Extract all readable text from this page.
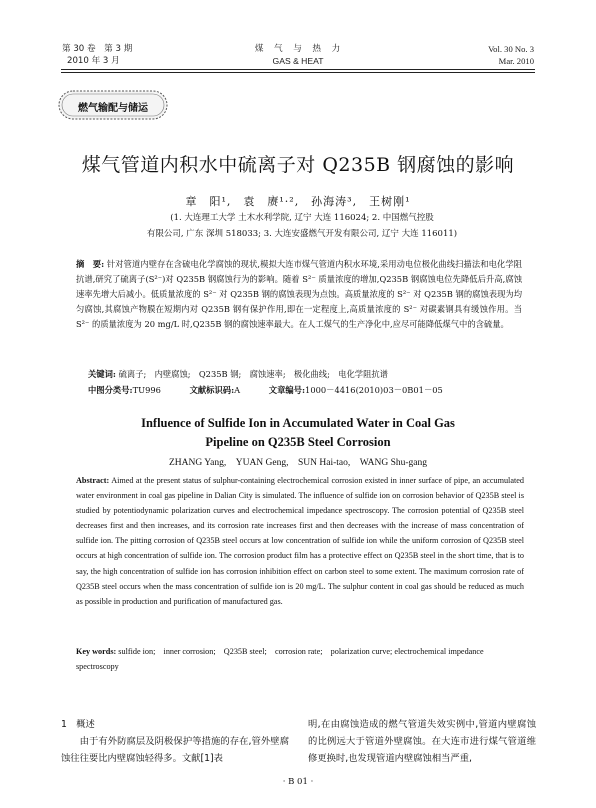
第 30 卷　第 3 期
2010 年 3 月
煤　气　与　热　力
GAS & HEAT
Vol. 30 No. 3
Mar. 2010
燃气输配与储运
煤气管道内积水中硫离子对 Q235B 钢腐蚀的影响
章　阳¹,　袁　赓¹·²,　孙海涛³,　王树刚¹
(1. 大连理工大学 土木水利学院, 辽宁 大连 116024; 2. 中国燃气控股
有限公司, 广东 深圳 518033; 3. 大连安盛燃气开发有限公司, 辽宁 大连 116011)
摘　要: 针对管道内壁存在含硫电化学腐蚀的现状,模拟大连市煤气管道内积水环境,采用动电位极化曲线扫描法和电化学阻抗谱,研究了硫离子(S²⁻)对 Q235B 钢腐蚀行为的影响。随着 S²⁻ 质量浓度的增加,Q235B 钢腐蚀电位先降低后升高,腐蚀速率先增大后减小。低质量浓度的 S²⁻ 对 Q235B 钢的腐蚀表现为点蚀。高质量浓度的 S²⁻ 对 Q235B 钢的腐蚀表现为均匀腐蚀,其腐蚀产物膜在短期内对 Q235B 钢有保护作用,即在一定程度上,高质量浓度的 S²⁻ 对碳素钢具有缓蚀作用。当 S²⁻ 的质量浓度为 20 mg/L 时,Q235B 钢的腐蚀速率最大。在人工煤气的生产净化中,应尽可能降低煤气中的含硫量。
关键词: 硫离子;　内壁腐蚀;　Q235B 钢;　腐蚀速率;　极化曲线;　电化学阻抗谱
中图分类号:TU996	文献标识码:A	文章编号:1000－4416(2010)03－0B01－05
Influence of Sulfide Ion in Accumulated Water in Coal Gas
Pipeline on Q235B Steel Corrosion
ZHANG Yang,　YUAN Geng,　SUN Hai-tao,　WANG Shu-gang
Abstract: Aimed at the present status of sulphur-containing electrochemical corrosion existed in inner surface of pipe, an accumulated water environment in coal gas pipeline in Dalian City is simulated. The influence of sulfide ion on corrosion behavior of Q235B steel is studied by potentiodynamic polarization curves and electrochemical impedance spectroscopy. The corrosion potential of Q235B steel decreases first and then increases, and its corrosion rate increases first and then decreases with the increase of mass concentration of sulfide ion. The pitting corrosion of Q235B steel occurs at low concentration of sulfide ion while the uniform corrosion of Q235B steel occurs at high concentration of sulfide ion. The corrosion product film has a protective effect on Q235B steel in the short time, that is to say, the high concentration of sulfide ion has corrosion inhibition effect on carbon steel to some extent. The maximum corrosion rate of Q235B steel occurs when the mass concentration of sulfide ion is 20 mg/L. The sulphur content in coal gas should be reduced as much as possible in production and purification of manufactured gas.
Key words: sulfide ion;　inner corrosion;　Q235B steel;　corrosion rate;　polarization curve; electrochemical impedance spectroscopy
1　概述
由于有外防腐层及阴极保护等措施的存在,管外壁腐蚀往往要比内壁腐蚀轻得多。文献[1]表
明,在由腐蚀造成的燃气管道失效实例中,管道内壁腐蚀的比例远大于管道外壁腐蚀。在大连市进行煤气管道维修更换时,也发现管道内壁腐蚀相当严重,
· B 01 ·
